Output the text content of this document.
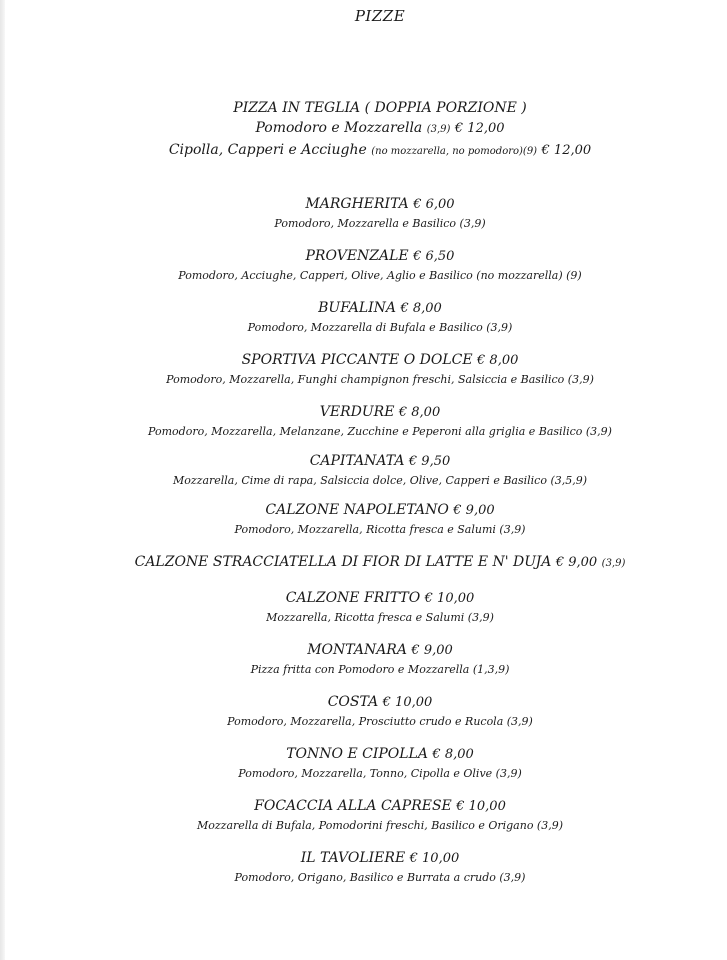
PIZZE
PIZZA IN TEGLIA ( DOPPIA PORZIONE )
Pomodoro e Mozzarella (3,9) € 12,00
Cipolla, Capperi e Acciughe (no mozzarella, no pomodoro)(9) € 12,00
MARGHERITA € 6,00
Pomodoro, Mozzarella e Basilico (3,9)
PROVENZALE € 6,50
Pomodoro, Acciughe, Capperi, Olive, Aglio e Basilico (no mozzarella) (9)
BUFALINA € 8,00
Pomodoro, Mozzarella di Bufala e Basilico (3,9)
SPORTIVA PICCANTE O DOLCE € 8,00
Pomodoro, Mozzarella, Funghi champignon freschi, Salsiccia e Basilico (3,9)
VERDURE € 8,00
Pomodoro, Mozzarella, Melanzane, Zucchine e Peperoni alla griglia e Basilico (3,9)
CAPITANATA € 9,50
Mozzarella, Cime di rapa, Salsiccia dolce, Olive, Capperi e Basilico (3,5,9)
CALZONE NAPOLETANO € 9,00
Pomodoro, Mozzarella, Ricotta fresca e Salumi (3,9)
CALZONE STRACCIATELLA DI FIOR DI LATTE E N' DUJA € 9,00 (3,9)
CALZONE FRITTO € 10,00
Mozzarella, Ricotta fresca e Salumi (3,9)
MONTANARA € 9,00
Pizza fritta con Pomodoro e Mozzarella (1,3,9)
COSTA € 10,00
Pomodoro, Mozzarella, Prosciutto crudo e Rucola (3,9)
TONNO E CIPOLLA € 8,00
Pomodoro, Mozzarella, Tonno, Cipolla e Olive (3,9)
FOCACCIA ALLA CAPRESE € 10,00
Mozzarella di Bufala, Pomodorini freschi, Basilico e Origano (3,9)
IL TAVOLIERE € 10,00
Pomodoro, Origano, Basilico e Burrata a crudo (3,9)
